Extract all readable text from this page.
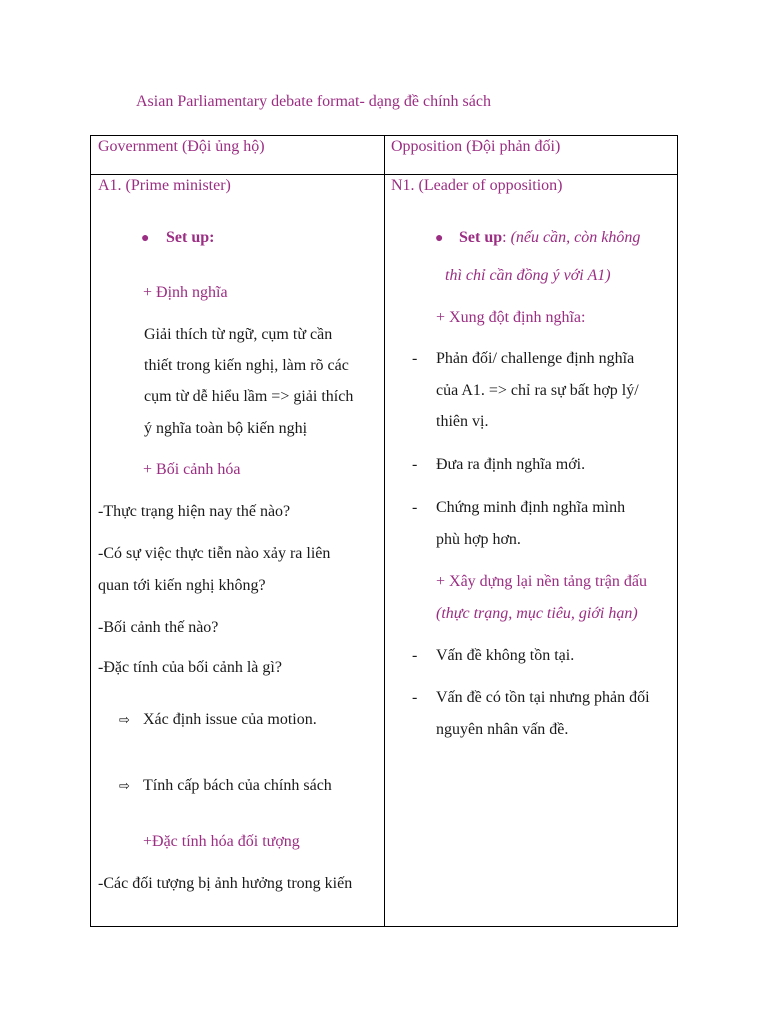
Asian Parliamentary debate format- dạng đề chính sách
Government (Đội ủng hộ)	Opposition (Đội phản đối)
A1. (Prime minister)
● Set up:
+ Định nghĩa
Giải thích từ ngữ, cụm từ cần
thiết trong kiến nghị, làm rõ các
cụm từ dễ hiểu lầm => giải thích
ý nghĩa toàn bộ kiến nghị
+ Bối cảnh hóa
-Thực trạng hiện nay thế nào?
-Có sự việc thực tiễn nào xảy ra liên
quan tới kiến nghị không?
-Bối cảnh thế nào?
-Đặc tính của bối cảnh là gì?
⇨ Xác định issue của motion.
⇨ Tính cấp bách của chính sách
+Đặc tính hóa đối tượng
-Các đối tượng bị ảnh hưởng trong kiến
N1. (Leader of opposition)
● Set up: (nếu cần, còn không
thì chỉ cần đồng ý với A1)
+ Xung đột định nghĩa:
- Phản đối/ challenge định nghĩa
của A1. => chỉ ra sự bất hợp lý/
thiên vị.
- Đưa ra định nghĩa mới.
- Chứng minh định nghĩa mình
phù hợp hơn.
+ Xây dựng lại nền tảng trận đấu
(thực trạng, mục tiêu, giới hạn)
- Vấn đề không tồn tại.
- Vấn đề có tồn tại nhưng phản đối
nguyên nhân vấn đề.
